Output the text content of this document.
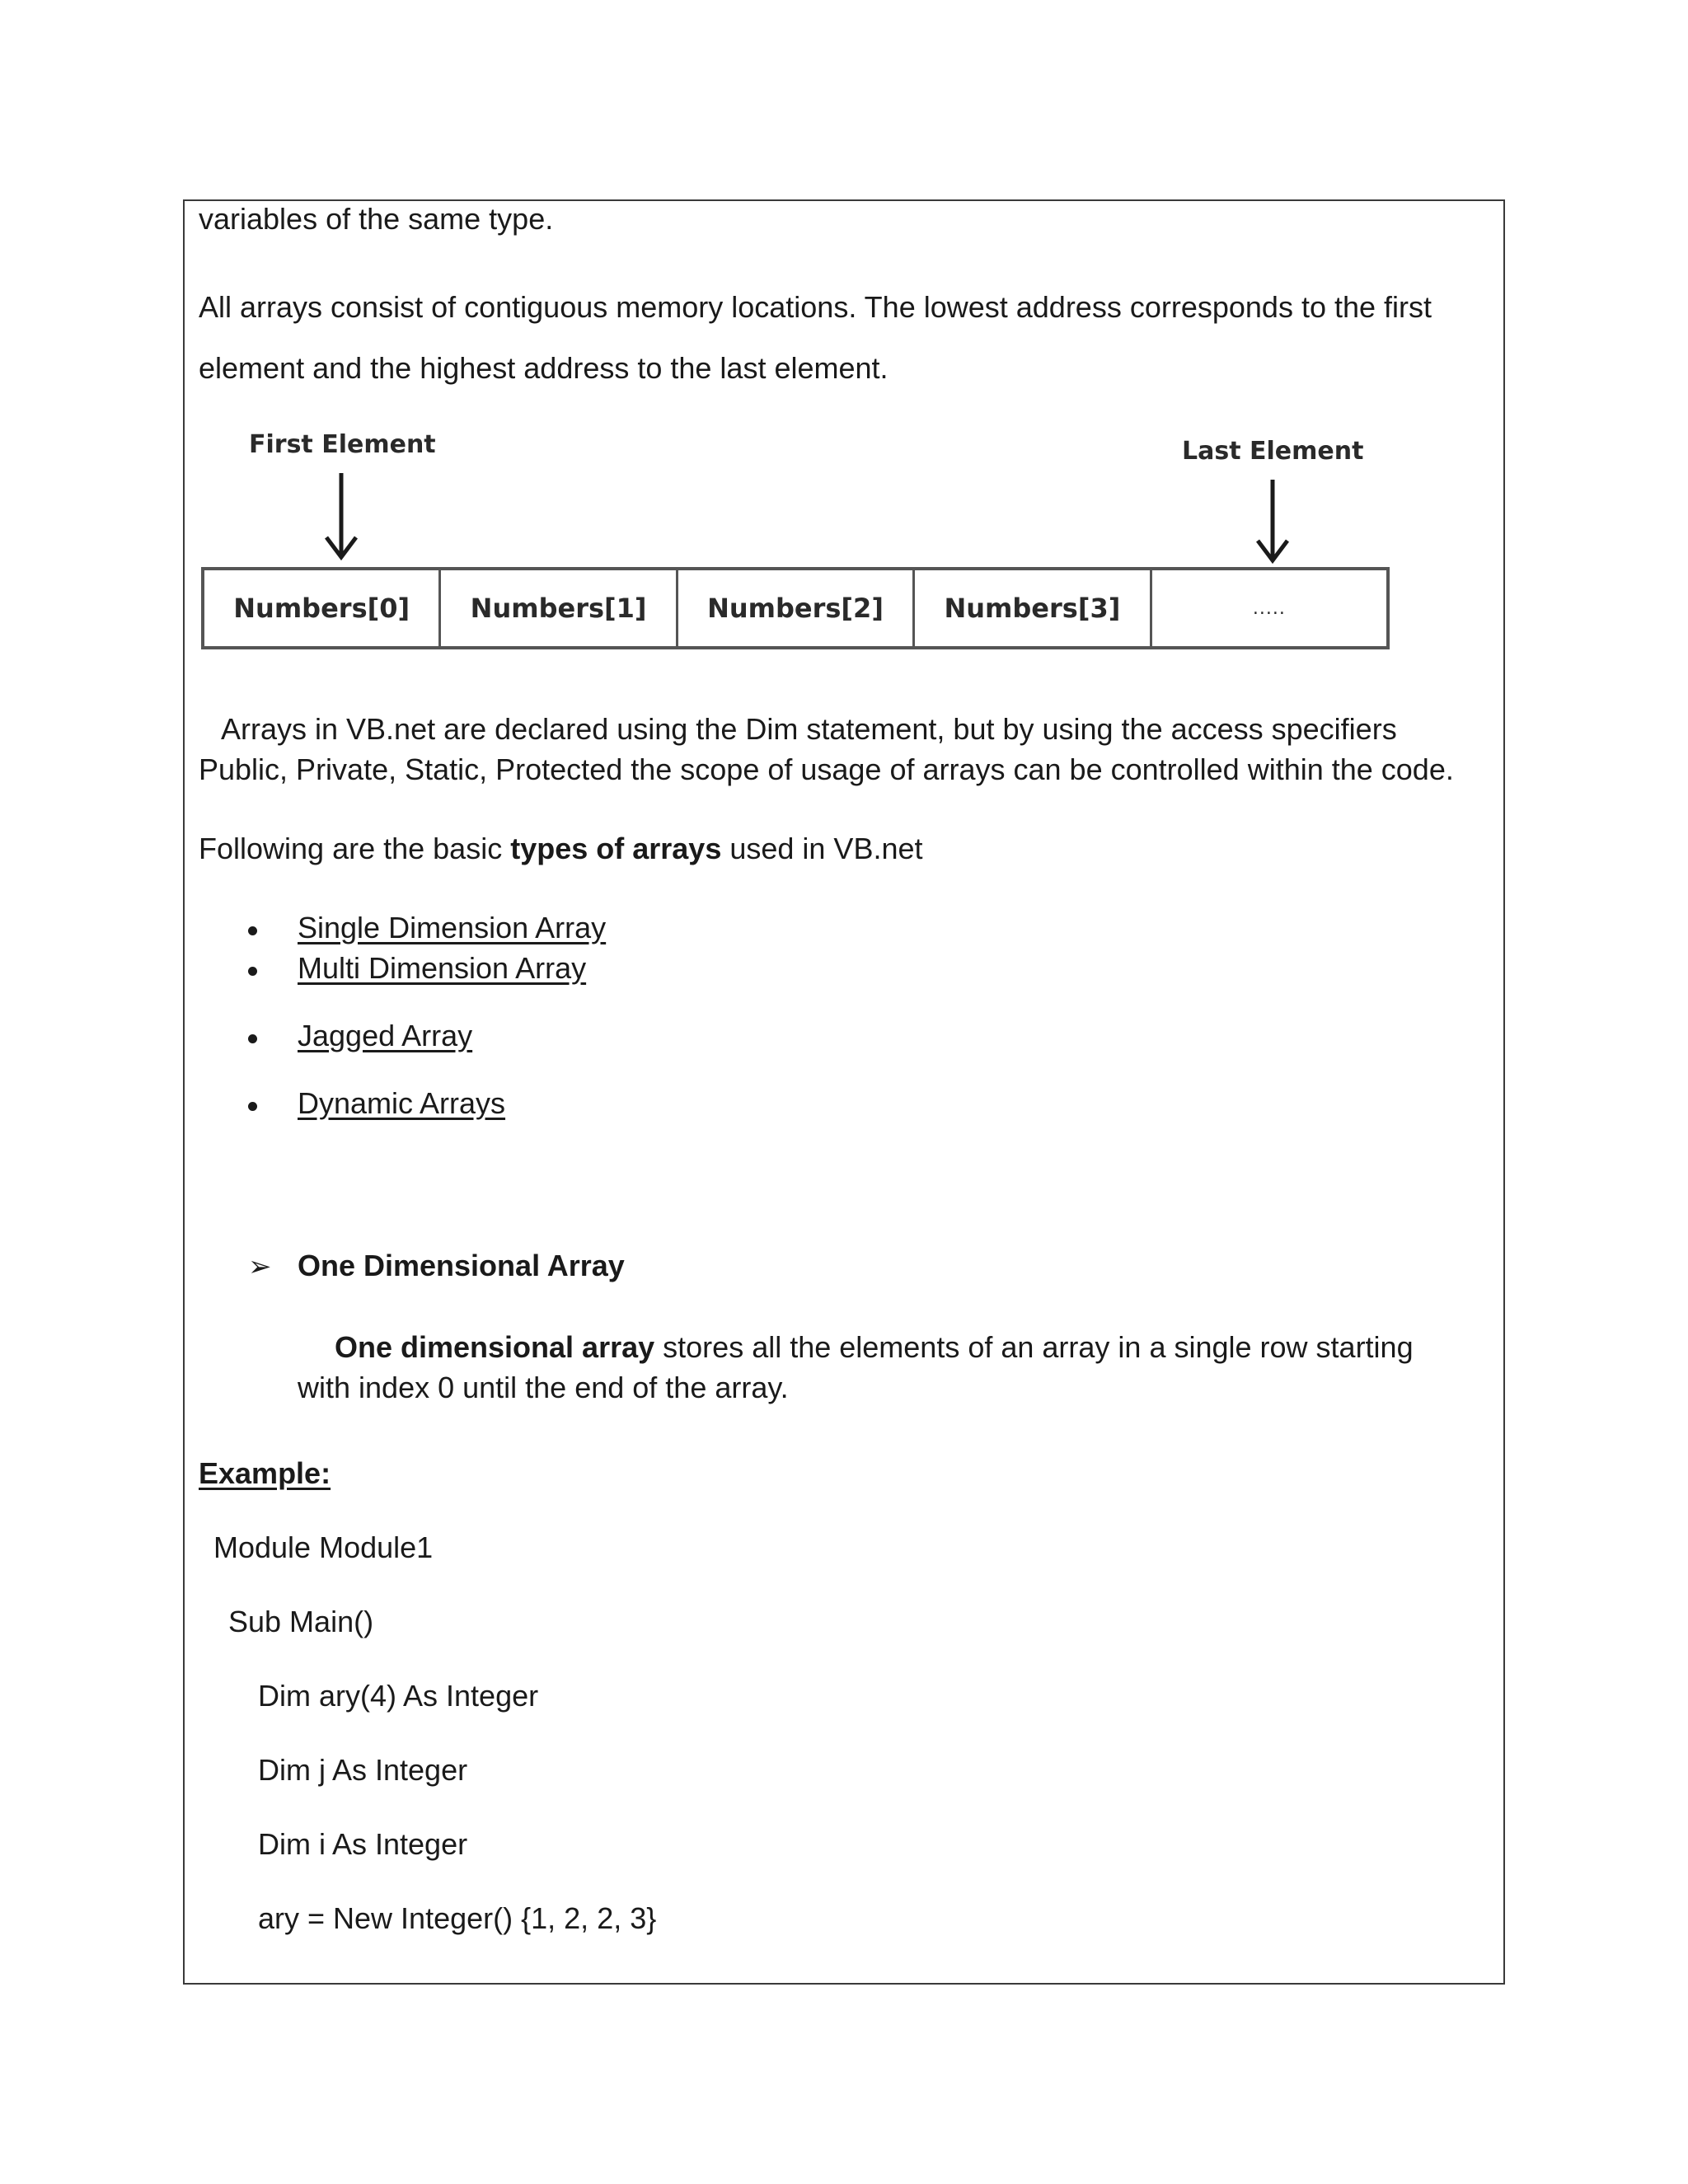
variables of the same type.

All arrays consist of contiguous memory locations. The lowest address corresponds to the first

element and the highest address to the last element.

First Element	Last Element
Numbers[0]	Numbers[1]	Numbers[2]	Numbers[3]	.....

Arrays in VB.net are declared using the Dim statement, but by using the access specifiers

Public, Private, Static, Protected the scope of usage of arrays can be controlled within the code.

Following are the basic types of arrays used in VB.net

Single Dimension Array
Multi Dimension Array
Jagged Array
Dynamic Arrays
➢ One Dimensional Array

One dimensional array stores all the elements of an array in a single row starting

with index 0 until the end of the array.

Example:

Module Module1

Sub Main()

Dim ary(4) As Integer

Dim j As Integer

Dim i As Integer

ary = New Integer() {1, 2, 2, 3}
